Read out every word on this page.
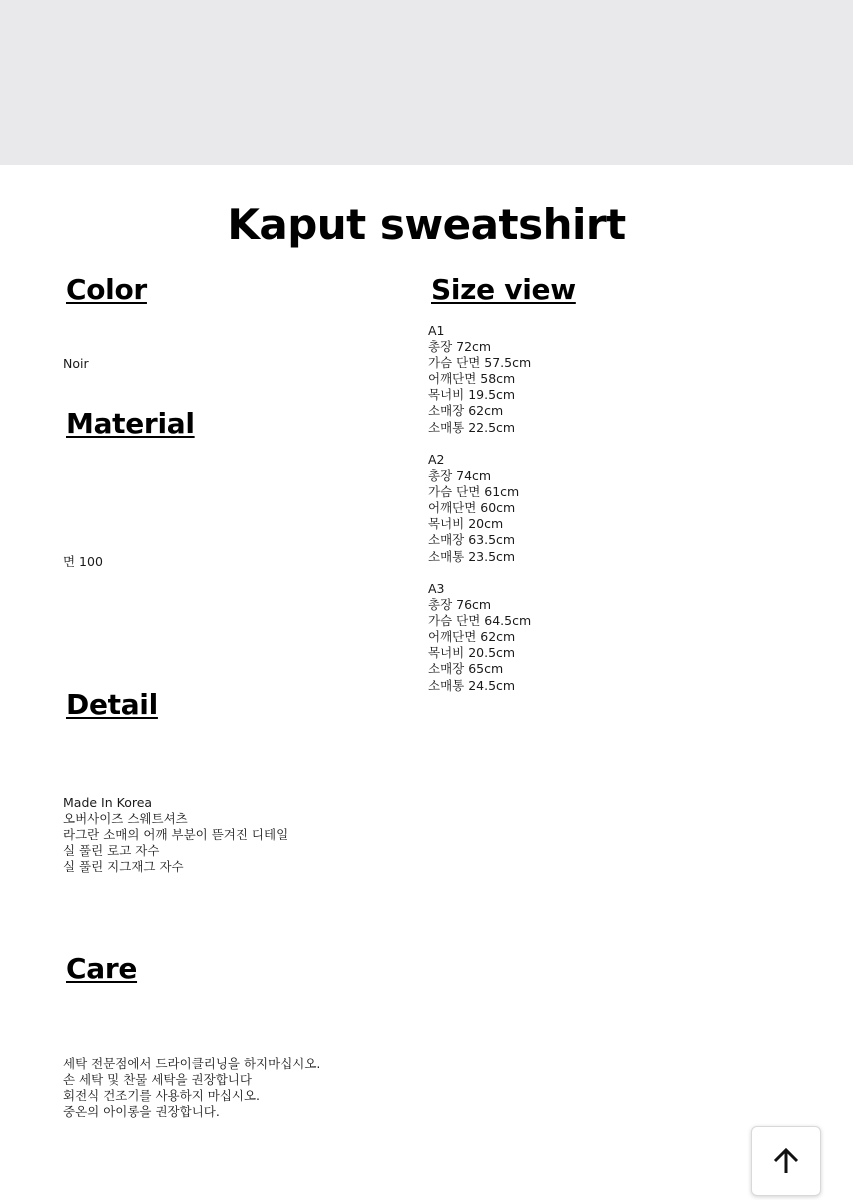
Kaput sweatshirt
Color

Noir

Material

면 100

Detail
Made In Korea
오버사이즈 스웨트셔츠
라그란 소매의 어깨 부분이 뜯겨진 디테일
실 풀린 로고 자수
실 풀린 지그재그 자수
Care
세탁 전문점에서 드라이클리닝을 하지마십시오.
손 세탁 및 찬물 세탁을 권장합니다
회전식 건조기를 사용하지 마십시오.
중온의 아이롱을 권장합니다.
Size view
A1
총장 72cm
가슴 단면 57.5cm
어깨단면 58cm
목너비 19.5cm
소매장 62cm
소매통 22.5cm
A2
총장 74cm
가슴 단면 61cm
어깨단면 60cm
목너비 20cm
소매장 63.5cm
소매통 23.5cm
A3
총장 76cm
가슴 단면 64.5cm
어깨단면 62cm
목너비 20.5cm
소매장 65cm
소매통 24.5cm
